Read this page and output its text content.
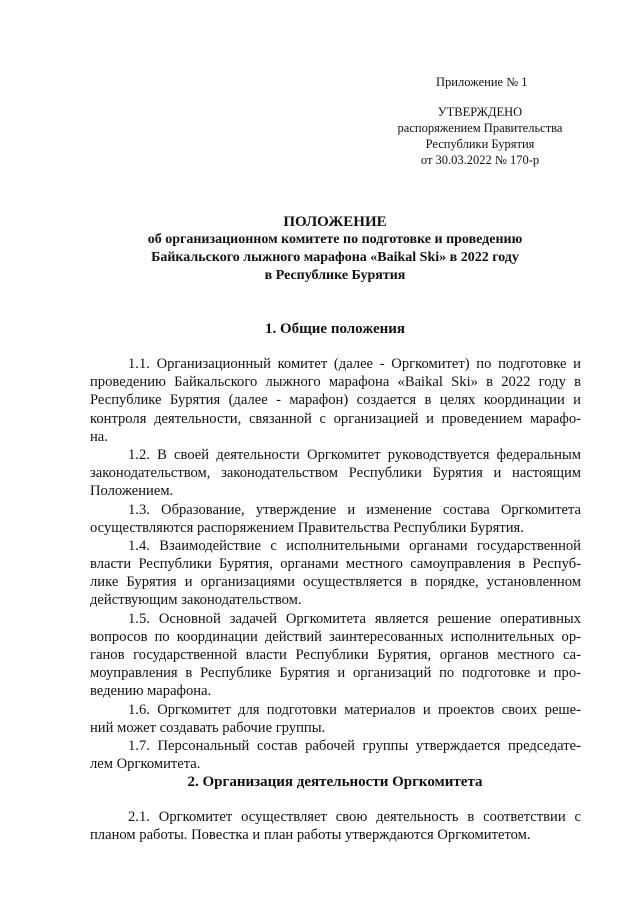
Приложение № 1
УТВЕРЖДЕНО
распоряжением Правительства
Республики Бурятия
от 30.03.2022 № 170-р
ПОЛОЖЕНИЕ
об организационном комитете по подготовке и проведению
Байкальского лыжного марафона «Baikal Ski» в 2022 году
в Республике Бурятия
1. Общие положения
1.1. Организационный комитет (далее - Оргкомитет) по подготовке и
проведению Байкальского лыжного марафона «Baikal Ski» в 2022 году в
Республике Бурятия (далее - марафон) создается в целях координации и
контроля деятельности, связанной с организацией и проведением марафо-
на.
1.2. В своей деятельности Оргкомитет руководствуется федеральным
законодательством, законодательством Республики Бурятия и настоящим
Положением.
1.3. Образование, утверждение и изменение состава Оргкомитета
осуществляются распоряжением Правительства Республики Бурятия.
1.4. Взаимодействие с исполнительными органами государственной
власти Республики Бурятия, органами местного самоуправления в Респуб-
лике Бурятия и организациями осуществляется в порядке, установленном
действующим законодательством.
1.5. Основной задачей Оргкомитета является решение оперативных
вопросов по координации действий заинтересованных исполнительных ор-
ганов государственной власти Республики Бурятия, органов местного са-
моуправления в Республике Бурятия и организаций по подготовке и про-
ведению марафона.
1.6. Оргкомитет для подготовки материалов и проектов своих реше-
ний может создавать рабочие группы.
1.7. Персональный состав рабочей группы утверждается председате-
лем Оргкомитета.
2. Организация деятельности Оргкомитета
2.1. Оргкомитет осуществляет свою деятельность в соответствии с
планом работы. Повестка и план работы утверждаются Оргкомитетом.
